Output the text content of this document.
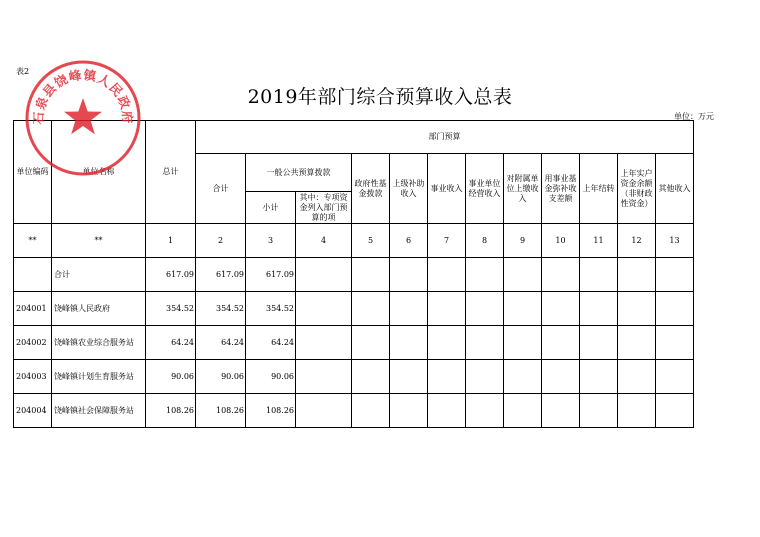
表2
2019年部门综合预算收入总表
单位：万元
单位编码	单位名称	总计	部门预算											
			合计	一般公共预算拨款		政府性基金拨款	上级补助收入	事业收入	事业单位经营收入	对附属单位上缴收入	用事业基金弥补收支差额	上年结转	上年实户资金余额（非财政性资金）	其他收入
				小计	其中：专项资金列入部门预算的项									
**	**	1	2	3	4	5	6	7	8	9	10	11	12	13
	合计	617.09	617.09	617.09										
204001	饶峰镇人民政府	354.52	354.52	354.52										
204002	饶峰镇农业综合服务站	64.24	64.24	64.24										
204003	饶峰镇计划生育服务站	90.06	90.06	90.06										
204004	饶峰镇社会保障服务站	108.26	108.26	108.26										
石泉县饶峰镇人民政府
